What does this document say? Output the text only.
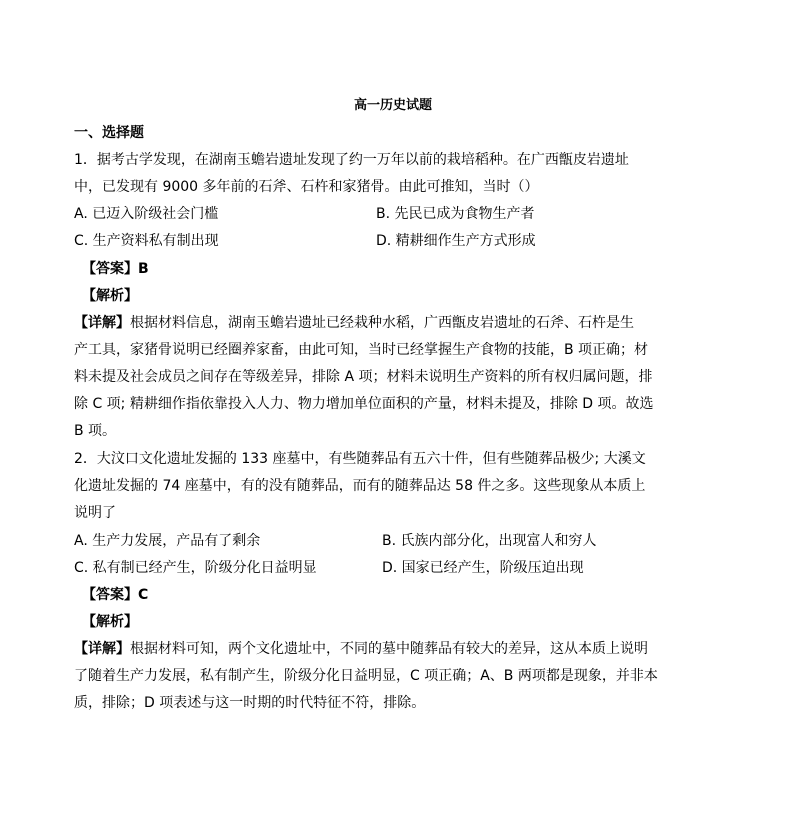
高一历史试题
一、选择题
1．据考古学发现，在湖南玉蟾岩遗址发现了约一万年以前的栽培稻种。在广西甑皮岩遗址
中，已发现有 9000 多年前的石斧、石杵和家猪骨。由此可推知，当时（）
A. 已迈入阶级社会门槛	B. 先民已成为食物生产者
C. 生产资料私有制出现	D. 精耕细作生产方式形成
【答案】B
【解析】
【详解】根据材料信息，湖南玉蟾岩遗址已经栽种水稻，广西甑皮岩遗址的石斧、石杵是生
产工具，家猪骨说明已经圈养家畜，由此可知，当时已经掌握生产食物的技能，B 项正确；材
料未提及社会成员之间存在等级差异，排除 A 项；材料未说明生产资料的所有权归属问题，排
除 C 项; 精耕细作指依靠投入人力、物力增加单位面积的产量，材料未提及，排除 D 项。故选
B 项。
2．大汶口文化遗址发掘的 133 座墓中，有些随葬品有五六十件，但有些随葬品极少; 大溪文
化遗址发掘的 74 座墓中，有的没有随葬品，而有的随葬品达 58 件之多。这些现象从本质上
说明了
A. 生产力发展，产品有了剩余	B. 氏族内部分化，出现富人和穷人
C. 私有制已经产生，阶级分化日益明显	D. 国家已经产生，阶级压迫出现
【答案】C
【解析】
【详解】根据材料可知，两个文化遗址中，不同的墓中随葬品有较大的差异，这从本质上说明
了随着生产力发展，私有制产生，阶级分化日益明显，C 项正确；A、B 两项都是现象，并非本
质，排除；D 项表述与这一时期的时代特征不符，排除。
